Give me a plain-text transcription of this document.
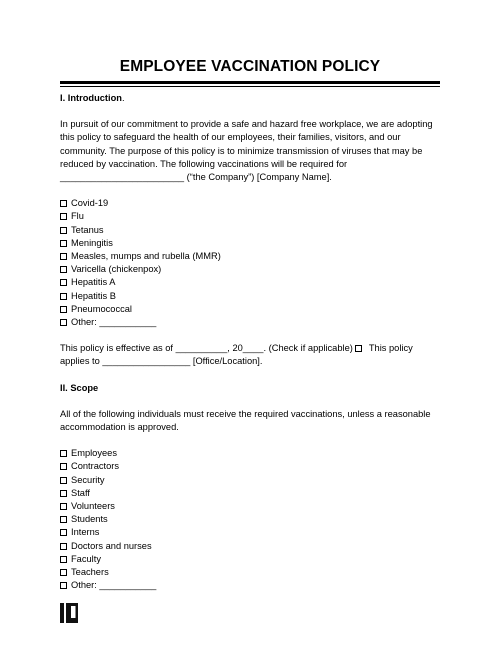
EMPLOYEE VACCINATION POLICY

I. Introduction.

In pursuit of our commitment to provide a safe and hazard free workplace, we are adopting this policy to safeguard the health of our employees, their families, visitors, and our community. The purpose of this policy is to minimize transmission of viruses that may be reduced by vaccination. The following vaccinations will be required for ________________________ (“the Company”) [Company Name].

Covid-19
Flu
Tetanus
Meningitis
Measles, mumps and rubella (MMR)
Varicella (chickenpox)
Hepatitis A
Hepatitis B
Pneumococcal
Other: ___________

This policy is effective as of __________, 20____. (Check if applicable)  This policy applies to _________________ [Office/Location].

II. Scope

All of the following individuals must receive the required vaccinations, unless a reasonable accommodation is approved.

Employees
Contractors
Security
Staff
Volunteers
Students
Interns
Doctors and nurses
Faculty
Teachers
Other: ___________
